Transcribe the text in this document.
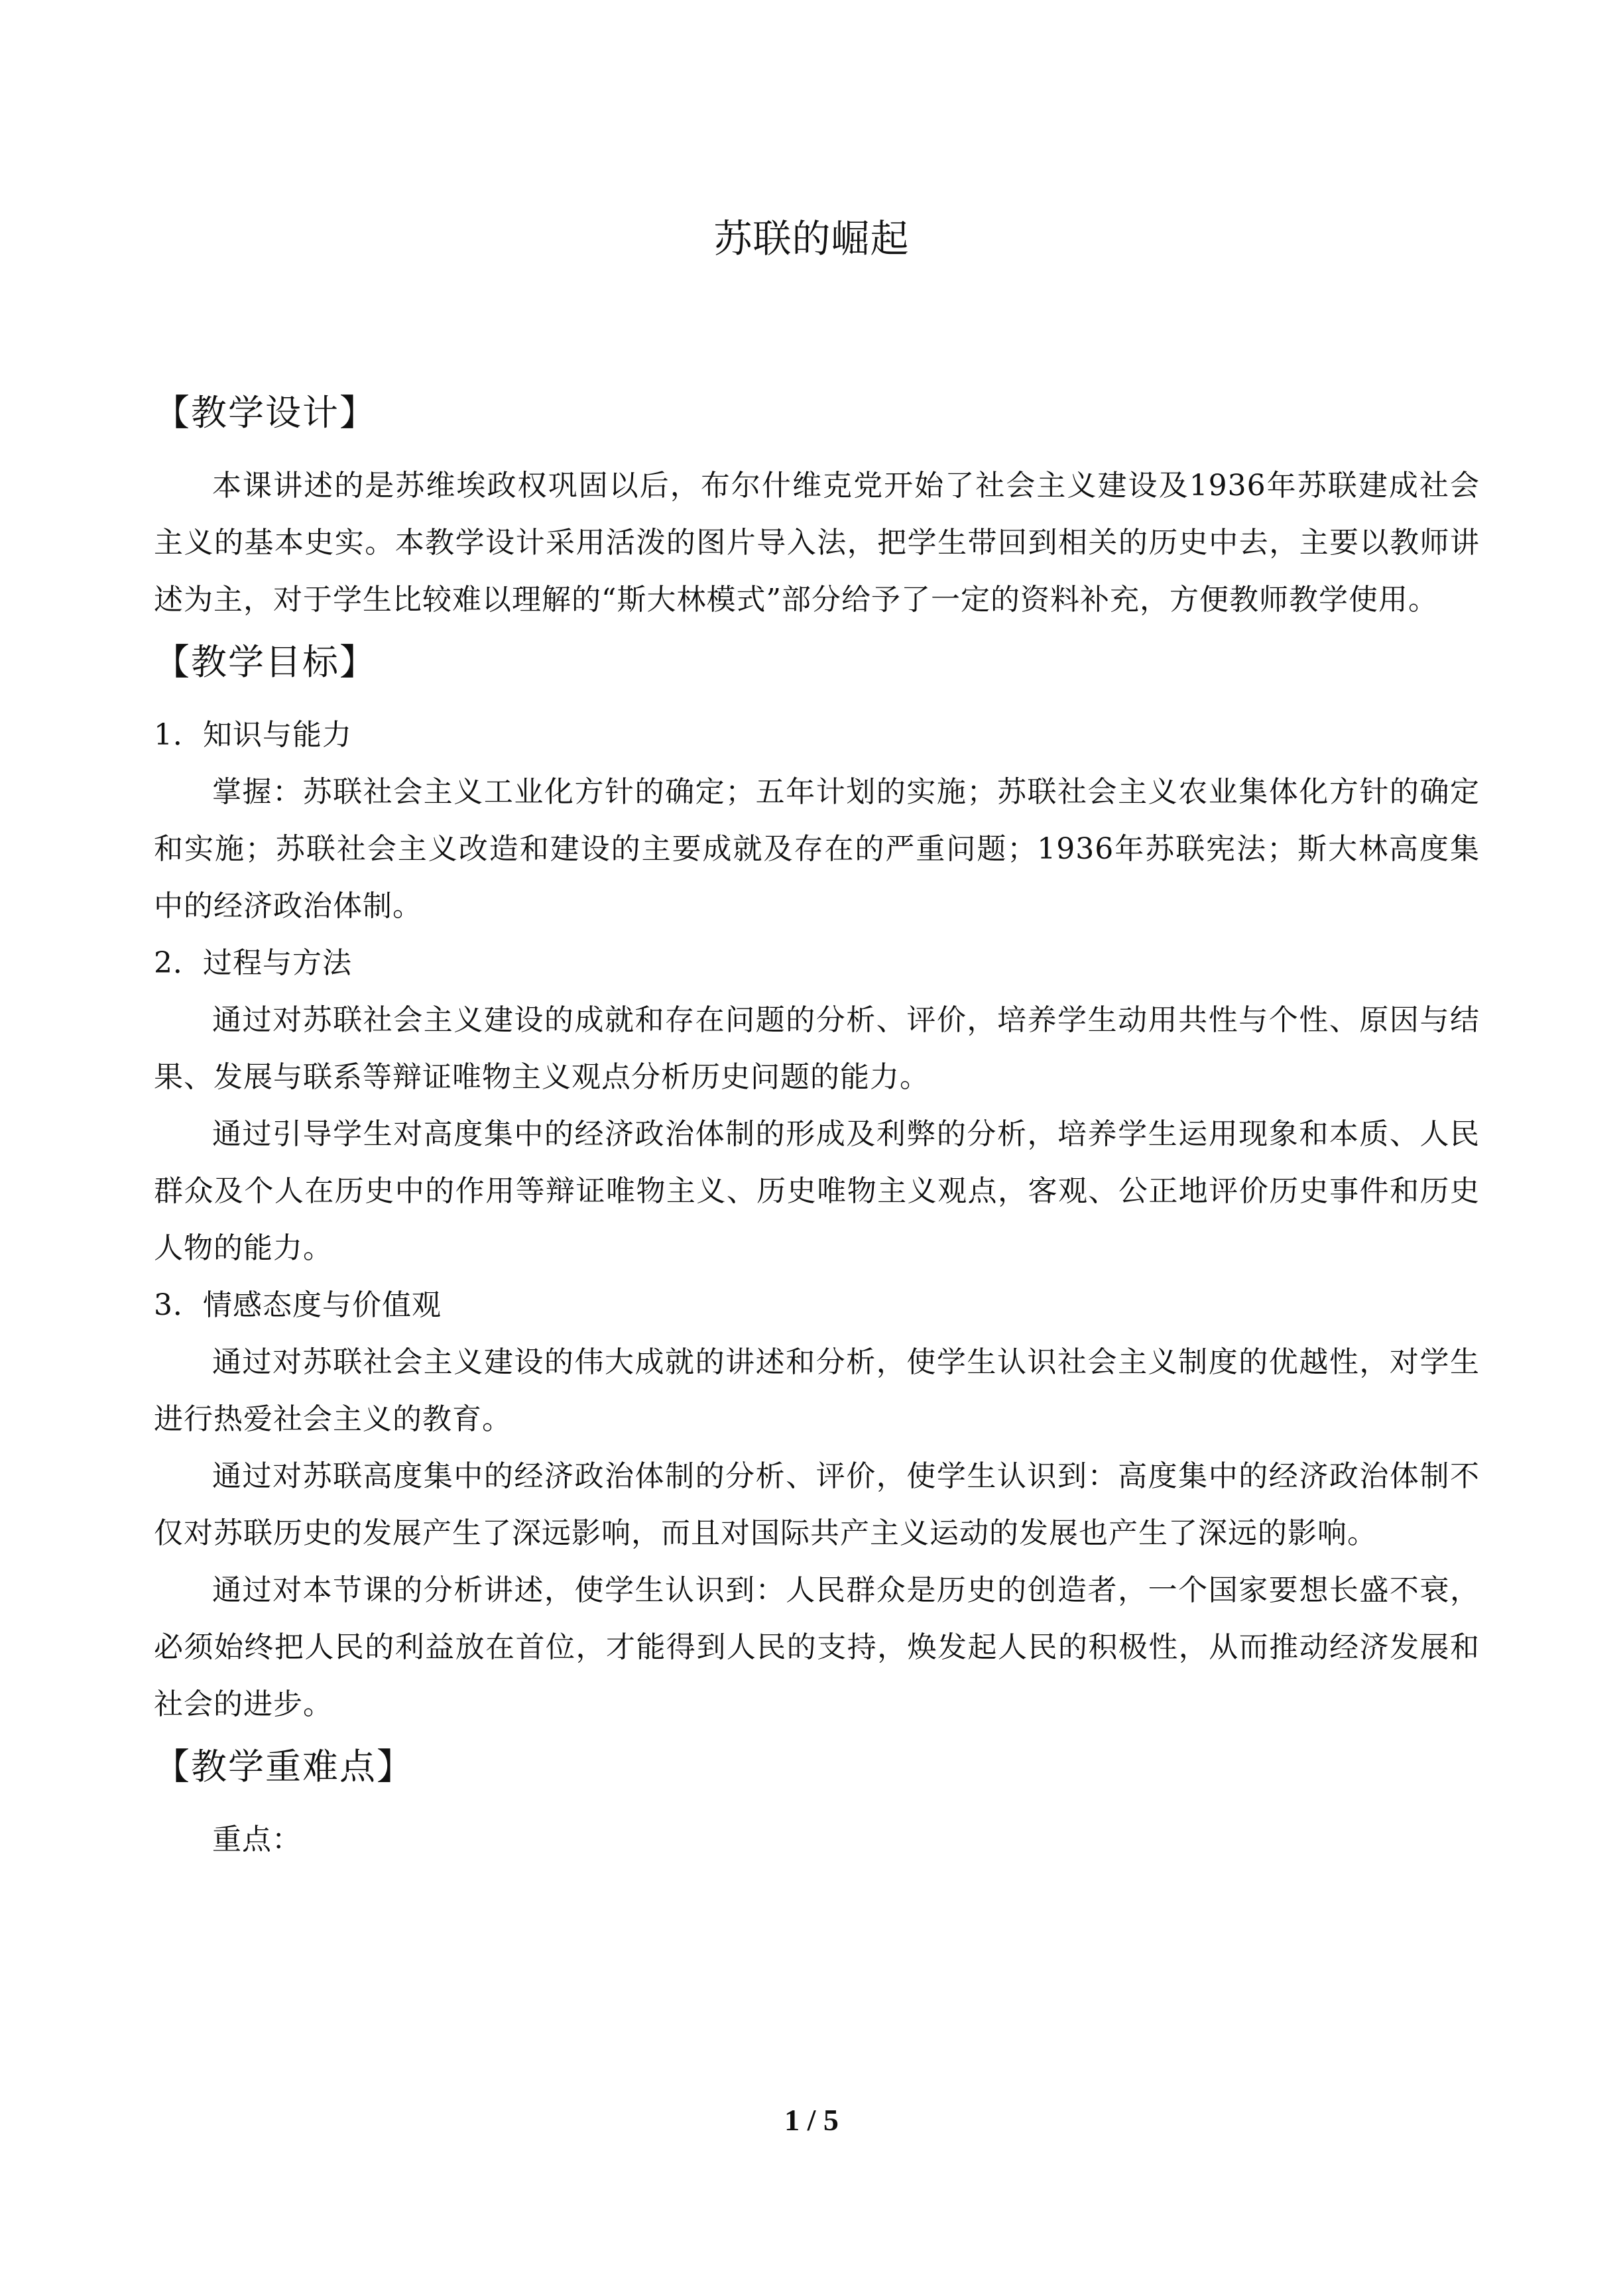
苏联的崛起
【教学设计】

本课讲述的是苏维埃政权巩固以后，布尔什维克党开始了社会主义建设及1936年苏联建成社会主义的基本史实。本教学设计采用活泼的图片导入法，把学生带回到相关的历史中去，主要以教师讲述为主，对于学生比较难以理解的“斯大林模式”部分给予了一定的资料补充，方便教师教学使用。

【教学目标】
1．知识与能力

掌握：苏联社会主义工业化方针的确定；五年计划的实施；苏联社会主义农业集体化方针的确定和实施；苏联社会主义改造和建设的主要成就及存在的严重问题；1936年苏联宪法；斯大林高度集中的经济政治体制。

2．过程与方法

通过对苏联社会主义建设的成就和存在问题的分析、评价，培养学生动用共性与个性、原因与结果、发展与联系等辩证唯物主义观点分析历史问题的能力。

通过引导学生对高度集中的经济政治体制的形成及利弊的分析，培养学生运用现象和本质、人民群众及个人在历史中的作用等辩证唯物主义、历史唯物主义观点，客观、公正地评价历史事件和历史人物的能力。

3．情感态度与价值观

通过对苏联社会主义建设的伟大成就的讲述和分析，使学生认识社会主义制度的优越性，对学生进行热爱社会主义的教育。

通过对苏联高度集中的经济政治体制的分析、评价，使学生认识到：高度集中的经济政治体制不仅对苏联历史的发展产生了深远影响，而且对国际共产主义运动的发展也产生了深远的影响。

通过对本节课的分析讲述，使学生认识到：人民群众是历史的创造者，一个国家要想长盛不衰，必须始终把人民的利益放在首位，才能得到人民的支持，焕发起人民的积极性，从而推动经济发展和社会的进步。

【教学重难点】

重点：

1 / 5
